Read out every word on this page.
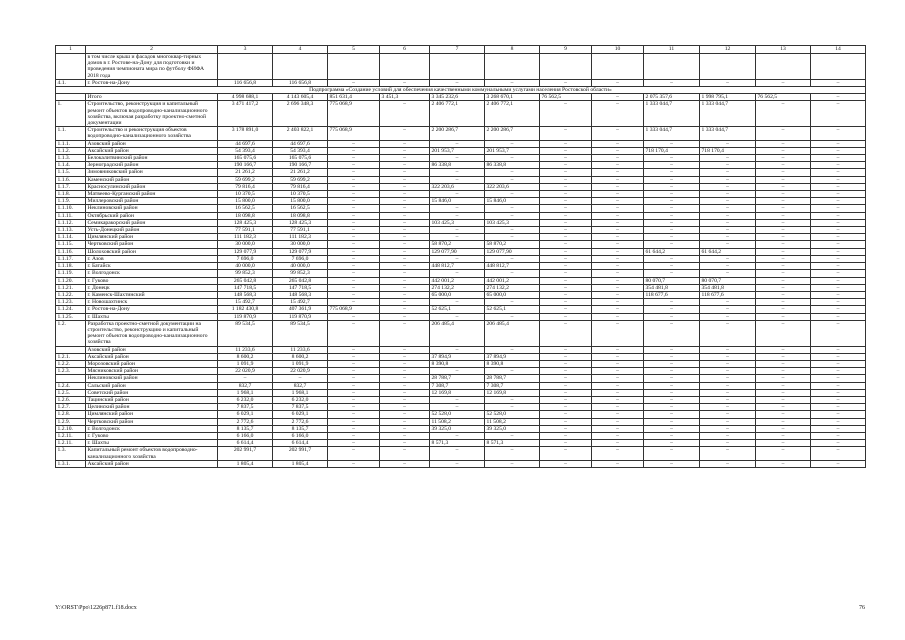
1	2	3	4	5	6	7	8	9	10	11	12	13	14
	в том числе крыш и фасадов многоквар-тирных домов в г. Ростове-на-Дону для подготовки и проведения чемпионата мира по футболу ФИФА 2018 года												
4.1.	г. Ростов-на-Дону	116 656,8	116 656,8	–	–	–	–	–	–	–	–	–	–
Подпрограмма «Создание условий для обеспечения качественными коммунальными услугами населения Ростовской области»													
	Итого	4 998 688,1	4 143 605,4	851 631,4	3 451,3	3 345 232,6	3 268 670,1	76 562,5	–	2 075 357,6	1 998 795,1	76 562,5	–
1.	Строительство, реконструкция и капитальный ремонт объектов водопроводно-канализационного хозяйства, включая разработку проектно-сметной документации	3 471 417,2	2 696 348,3	775 068,9	–	2 406 772,1	2 406 772,1	–	–	1 333 044,7	1 333 044,7	–	–
1.1.	Строительство и реконструкция объектов водопроводно-канализационного хозяйства	3 178 891,0	2 403 822,1	775 068,9	–	2 200 286,7	2 200 286,7	–	–	1 333 044,7	1 333 044,7	–	–
1.1.1.	Азовский район	44 697,6	44 697,6	–	–	–	–	–	–	–	–	–	–
1.1.2.	Аксайский район	54 393,4	54 393,4	–	–	201 953,7	201 953,7	–	–	718 170,4	718 170,4	–	–
1.1.3.	Белокалитвинский район	165 075,6	165 075,6	–	–	–	–	–	–	–	–	–	–
1.1.4.	Зерноградский район	190 166,7	190 166,7	–	–	86 338,8	86 338,8	–	–	–	–	–	–
1.1.5.	Зимовниковский район	21 261,2	21 261,2	–	–	–	–	–	–	–	–	–	–
1.1.6.	Каменский район	59 699,2	59 699,2	–	–	–	–	–	–	–	–	–	–
1.1.7.	Красносулинский район	79 816,4	79 816,4	–	–	322 203,6	322 203,6	–	–	–	–	–	–
1.1.8.	Матвеево-Курганский район	10 370,5	10 370,5	–	–	–	–	–	–	–	–	–	–
1.1.9.	Миллеровский район	15 800,0	15 800,0	–	–	15 846,0	15 846,0	–	–	–	–	–	–
1.1.10.	Неклиновский район	16 562,5	16 562,5	–	–	–	–	–	–	–	–	–	–
1.1.11.	Октябрьский район	18 098,8	18 098,8	–	–	–	–	–	–	–	–	–	–
1.1.12.	Семикаракорский район	128 425,3	128 425,3	–	–	103 425,3	103 425,3	–	–	–	–	–	–
1.1.13.	Усть-Донецкий район	77 591,1	77 591,1	–	–	–	–	–	–	–	–	–	–
1.1.14.	Цимлянский район	111 182,3	111 182,3	–	–	–	–	–	–	–	–	–	–
1.1.15.	Чертковский район	30 000,0	30 000,0	–	–	58 870,2	58 870,2	–	–	–	–	–	–
1.1.16.	Шолоховский район	129 077,9	129 077,9	–	–	129 077,90	129 077,90	–	–	61 644,2	61 644,2	–	–
1.1.17.	г. Азов	7 696,0	7 696,0	–	–	–	–	–	–	–	–	–	–
1.1.18.	г. Батайск	40 000,0	40 000,0	–	–	448 812,7	448 812,7	–	–	–	–	–	–
1.1.19.	г. Волгодонск	99 852,3	99 852,3	–	–	–	–	–	–	–	–	–	–
1.1.20.	г. Гуково	265 042,8	265 042,8	–	–	442 001,2	442 001,2	–	–	80 070,7	80 070,7	–	–
1.1.21.	г. Донецк	147 718,5	147 718,5	–	–	274 132,2	274 132,2	–	–	354 481,8	354 481,8	–	–
1.1.22.	г. Каменск-Шахтинский	148 568,3	148 568,3	–	–	65 000,0	65 000,0	–	–	118 677,6	118 677,6	–	–
1.1.23.	г. Новошахтинск	15 492,7	15 492,7	–	–	–	–	–	–	–	–	–	–
1.1.24.	г. Ростов-на-Дону	1 182 430,8	407 361,9	775 068,9	–	52 625,1	52 625,1	–	–	–	–	–	–
1.1.25.	г. Шахты	119 870,9	119 870,9	–	–	–	–	–	–	–	–	–	–
1.2.	Разработка проектно-сметной документации на строительство, реконструкцию и капитальный ремонт объектов водопроводно-канализационного хозяйства	89 534,5	89 534,5	–	–	206 485,4	206 485,4	–	–	–	–	–	–
	Азовский район	11 233,6	11 233,6	–	–	–	–	–	–	–	–	–	–
1.2.1.	Аксайский район	8 600,2	8 600,2	–	–	37 894,9	37 894,9	–	–	–	–	–	–
1.2.2.	Морозовский район	1 091,9	1 091,9	–	–	8 390,8	8 390,8	–	–	–	–	–	–
1.2.3.	Мясниковский район	22 020,9	22 020,9	–	–	–	–	–	–	–	–	–	–
	Неклиновский район	–	–	–	–	28 788,7	28 788,7	–	–	–	–	–	–
1.2.4.	Сальский район	832,7	832,7	–	–	7 308,7	7 308,7	–	–	–	–	–	–
1.2.5.	Советский район	1 968,1	1 968,1	–	–	12 169,8	12 169,8	–	–	–	–	–	–
1.2.6.	Тацинский район	6 232,0	6 232,0	–	–	–	–	–	–	–	–	–	–
1.2.7.	Целинский район	7 837,5	7 837,5	–	–	–	–	–	–	–	–	–	–
1.2.8.	Цимлянский район	6 029,1	6 029,1	–	–	52 528,0	52 528,0	–	–	–	–	–	–
1.2.9.	Чертковский район	2 772,6	2 772,6	–	–	11 508,2	11 508,2	–	–	–	–	–	–
1.2.10.	г. Волгодонск	8 135,7	8 135,7	–	–	39 325,0	39 325,0	–	–	–	–	–	–
1.2.11.	г. Гуково	6 166,0	6 166,0	–	–	–	–	–	–	–	–	–	–
1.2.11.	г. Шахты	6 614,4	6 614,4	–	–	8 571,3	8 571,3	–	–	–	–	–	–
1.3.	Капитальный ремонт объектов водопроводно-канализационного хозяйства	202 991,7	202 991,7	–	–	–	–	–	–	–	–	–	–
1.3.1.	Аксайский район	1 805,4	1 805,4	–	–	–	–	–	–	–	–	–	–
Y:\ORST\Ppo\1226p871.f18.docx	76
